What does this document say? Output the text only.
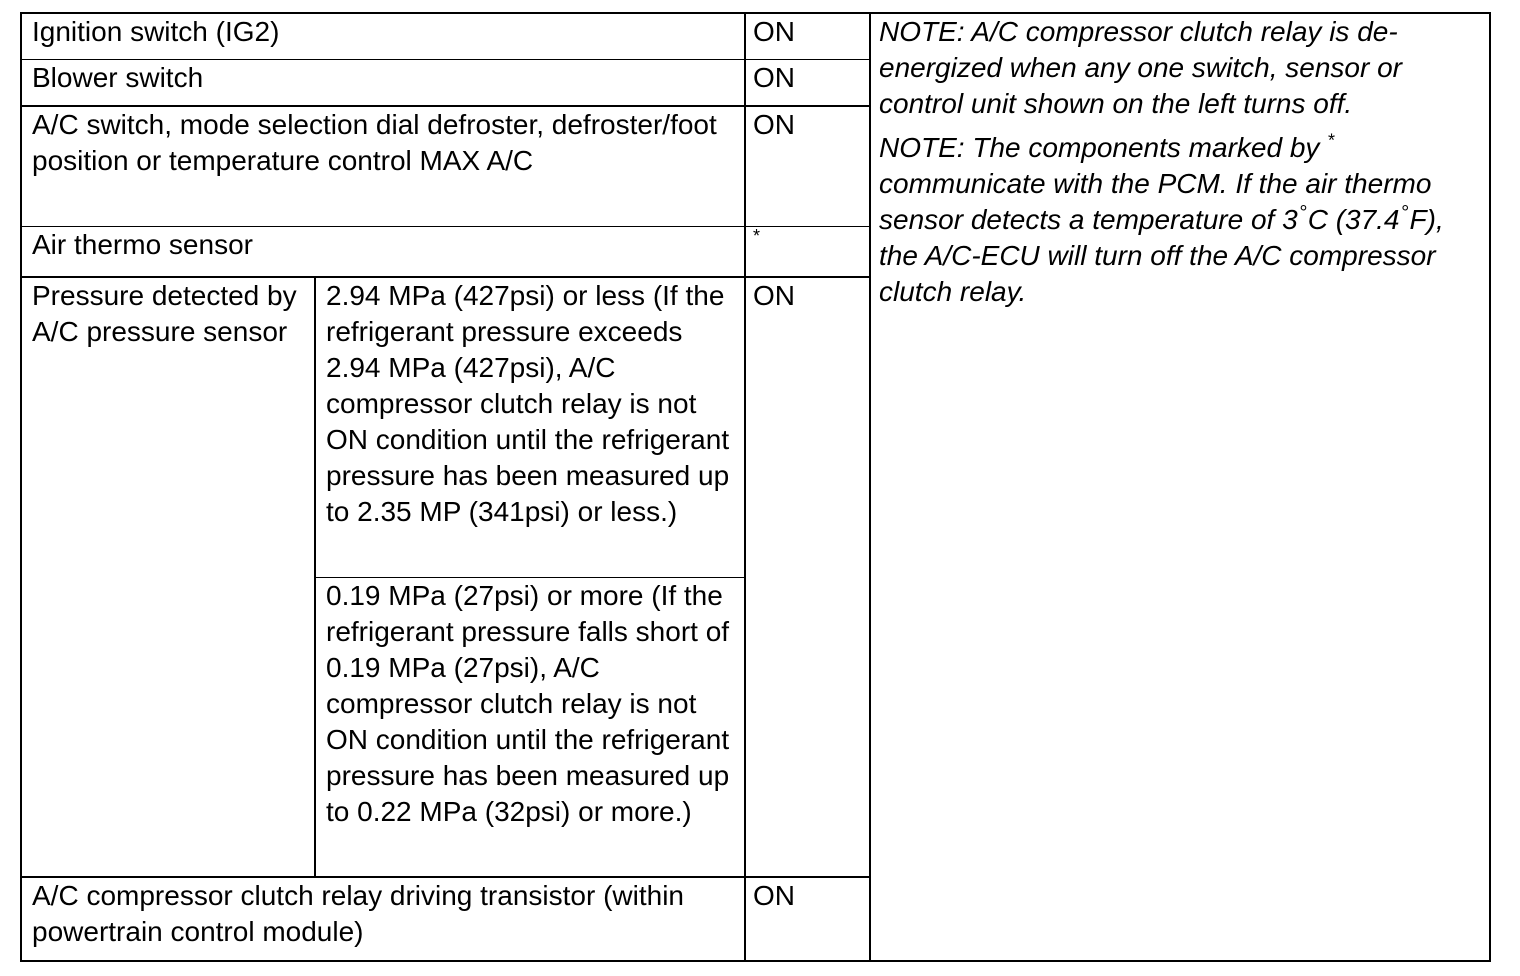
Ignition switch (IG2)		ON	NOTE: A/C compressor clutch relay is de-energized when any one switch, sensor or control unit shown on the left turns off.

NOTE: The components marked by * communicate with the PCM. If the air thermo sensor detects a temperature of 3°C (37.4°F), the A/C-ECU will turn off the A/C compressor clutch relay.

Blower switch		ON	
A/C switch, mode selection dial defroster, defroster/foot position or temperature control MAX A/C		ON	
Air thermo sensor		*
Pressure detected by A/C pressure sensor	2.94 MPa (427psi) or less (If the refrigerant pressure exceeds 2.94 MPa (427psi), A/C compressor clutch relay is not ON condition until the refrigerant pressure has been measured up to 2.35 MP (341psi) or less.)	ON	
	0.19 MPa (27psi) or more (If the refrigerant pressure falls short of 0.19 MPa (27psi), A/C compressor clutch relay is not ON condition until the refrigerant pressure has been measured up to 0.22 MPa (32psi) or more.)		
A/C compressor clutch relay driving transistor (within powertrain control module)		ON	
